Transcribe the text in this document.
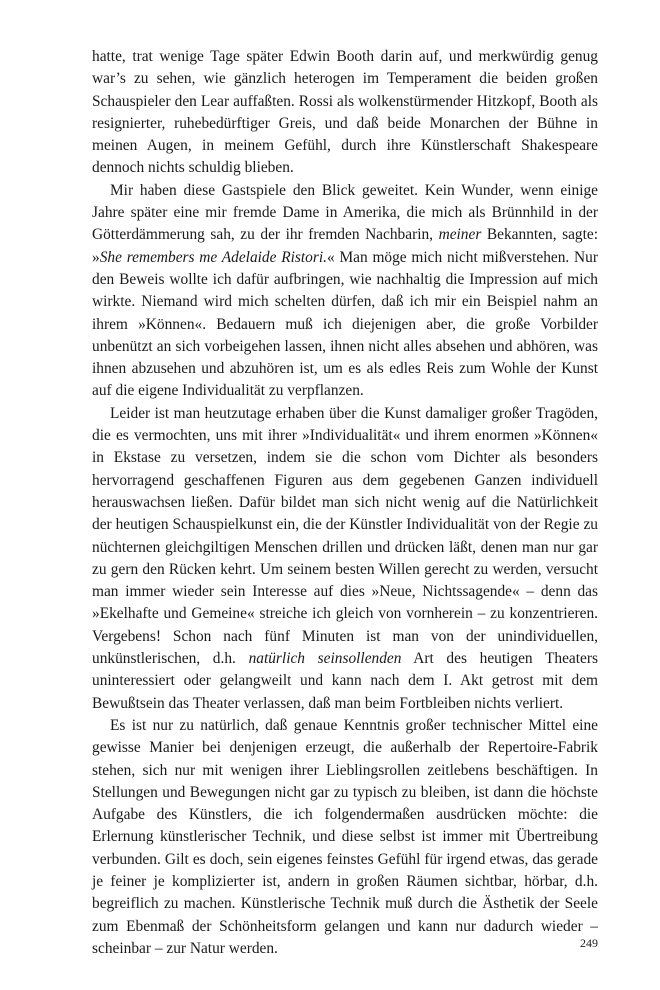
hatte, trat wenige Tage später Edwin Booth darin auf, und merkwürdig genug war’s zu sehen, wie gänzlich heterogen im Temperament die beiden großen Schauspieler den Lear auffaßten. Rossi als wolkenstürmender Hitzkopf, Booth als resignierter, ruhebedürftiger Greis, und daß beide Monarchen der Bühne in meinen Augen, in meinem Gefühl, durch ihre Künstlerschaft Shakespeare dennoch nichts schuldig blieben.

Mir haben diese Gastspiele den Blick geweitet. Kein Wunder, wenn einige Jahre später eine mir fremde Dame in Amerika, die mich als Brünnhild in der Götterdämmerung sah, zu der ihr fremden Nachbarin, meiner Bekannten, sagte: »She remembers me Adelaide Ristori.« Man möge mich nicht mißverstehen. Nur den Beweis wollte ich dafür aufbringen, wie nachhaltig die Impression auf mich wirkte. Niemand wird mich schelten dürfen, daß ich mir ein Beispiel nahm an ihrem »Können«. Bedauern muß ich diejenigen aber, die große Vorbilder unbenützt an sich vorbeigehen lassen, ihnen nicht alles absehen und abhören, was ihnen abzusehen und abzuhören ist, um es als edles Reis zum Wohle der Kunst auf die eigene Individualität zu verpflanzen.

Leider ist man heutzutage erhaben über die Kunst damaliger großer Tragöden, die es vermochten, uns mit ihrer »Individualität« und ihrem enormen »Können« in Ekstase zu versetzen, indem sie die schon vom Dichter als besonders hervorragend geschaffenen Figuren aus dem gegebenen Ganzen individuell herauswachsen ließen. Dafür bildet man sich nicht wenig auf die Natürlichkeit der heutigen Schauspielkunst ein, die der Künstler Individualität von der Regie zu nüchternen gleichgiltigen Menschen drillen und drücken läßt, denen man nur gar zu gern den Rücken kehrt. Um seinem besten Willen gerecht zu werden, versucht man immer wieder sein Interesse auf dies »Neue, Nichtssagende« – denn das »Ekelhafte und Gemeine« streiche ich gleich von vornherein – zu konzentrieren. Vergebens! Schon nach fünf Minuten ist man von der unindividuellen, unkünstlerischen, d.h. natürlich seinsollenden Art des heutigen Theaters uninteressiert oder gelangweilt und kann nach dem I. Akt getrost mit dem Bewußtsein das Theater verlassen, daß man beim Fortbleiben nichts verliert.

Es ist nur zu natürlich, daß genaue Kenntnis großer technischer Mittel eine gewisse Manier bei denjenigen erzeugt, die außerhalb der Repertoire-Fabrik stehen, sich nur mit wenigen ihrer Lieblingsrollen zeitlebens beschäftigen. In Stellungen und Bewegungen nicht gar zu typisch zu bleiben, ist dann die höchste Aufgabe des Künstlers, die ich folgendermaßen ausdrücken möchte: die Erlernung künstlerischer Technik, und diese selbst ist immer mit Übertreibung verbunden. Gilt es doch, sein eigenes feinstes Gefühl für irgend etwas, das gerade je feiner je komplizierter ist, andern in großen Räumen sichtbar, hörbar, d.h. begreiflich zu machen. Künstlerische Technik muß durch die Ästhetik der Seele zum Ebenmaß der Schönheitsform gelangen und kann nur dadurch wieder – scheinbar – zur Natur werden.	249
